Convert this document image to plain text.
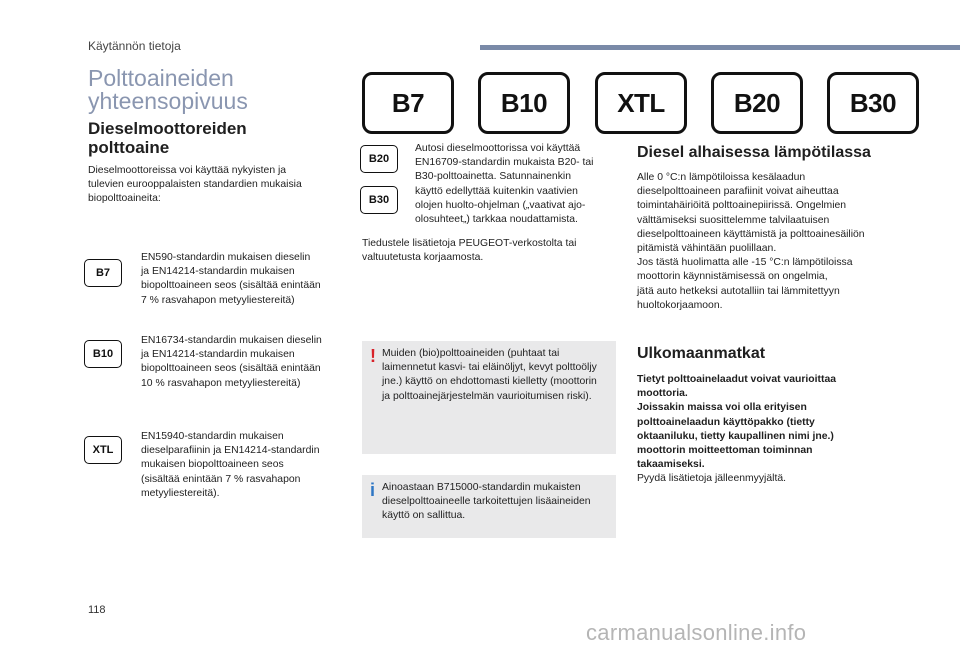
Käytännön tietoja
Polttoaineiden
yhteensopivuus	B7	B10	XTL	B20	B30
Dieselmoottoreiden
polttoaine
Dieselmoottoreissa voi käyttää nykyisten ja
tulevien eurooppalaisten standardien mukaisia
biopolttoaineita:
B7
EN590-standardin mukaisen dieselin
ja EN14214-standardin mukaisen
biopolttoaineen seos (sisältää enintään
7 % rasvahapon metyyliestereitä)
B10
EN16734-standardin mukaisen dieselin
ja EN14214-standardin mukaisen
biopolttoaineen seos (sisältää enintään
10 % rasvahapon metyyliestereitä)
XTL
EN15940-standardin mukaisen
dieselparafiinin ja EN14214-standardin
mukaisen biopolttoaineen seos
(sisältää enintään 7 % rasvahapon
metyyliestereitä).
B20
B30
Autosi dieselmoottorissa voi käyttää
EN16709-standardin mukaista B20- tai
B30-polttoainetta. Satunnainenkin
käyttö edellyttää kuitenkin vaativien
olojen huolto-ohjelman („vaativat ajo-
olosuhteet„) tarkkaa noudattamista.
Tiedustele lisätietoja PEUGEOT-verkostolta tai
valtuutetusta korjaamosta.
! Muiden (bio)polttoaineiden (puhtaat tai
laimennetut kasvi- tai eläinöljyt, kevyt polttoöljy
jne.) käyttö on ehdottomasti kielletty (moottorin
ja polttoainejärjestelmän vaurioitumisen riski).
i Ainoastaan B715000-standardin mukaisten
dieselpolttoaineelle tarkoitettujen lisäaineiden
käyttö on sallittua.
Diesel alhaisessa lämpötilassa
Alle 0 °C:n lämpötiloissa kesälaadun
dieselpolttoaineen parafiinit voivat aiheuttaa
toimintahäiriöitä polttoainepiirissä. Ongelmien
välttämiseksi suosittelemme talvilaatuisen
dieselpolttoaineen käyttämistä ja polttoainesäiliön
pitämistä vähintään puolillaan.
Jos tästä huolimatta alle -15 °C:n lämpötiloissa
moottorin käynnistämisessä on ongelmia,
jätä auto hetkeksi autotalliin tai lämmitettyyn
huoltokorjaamoon.
Ulkomaanmatkat
Tietyt polttoainelaadut voivat vaurioittaa
moottoria.
Joissakin maissa voi olla erityisen
polttoainelaadun käyttöpakko (tietty
oktaaniluku, tietty kaupallinen nimi jne.)
moottorin moitteettoman toiminnan
takaamiseksi.
Pyydä lisätietoja jälleenmyyjältä.
118
carmanualsonline.info
